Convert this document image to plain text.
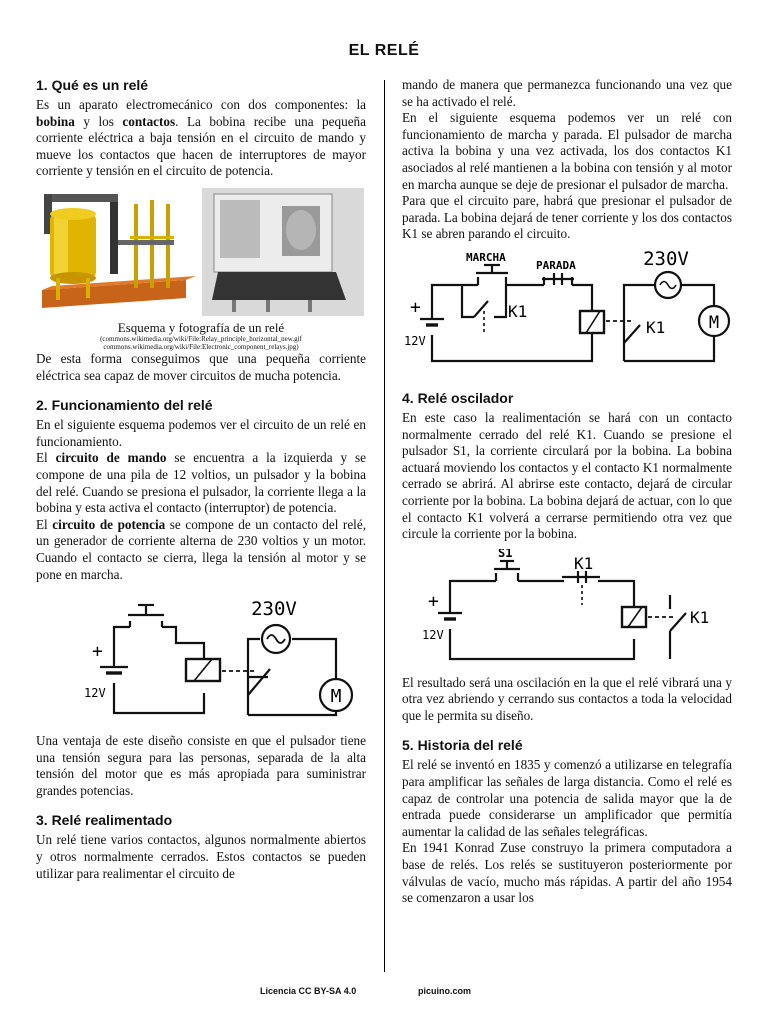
EL RELÉ
1. Qué es un relé

Es un aparato electromecánico con dos componentes: la bobina y los contactos. La bobina recibe una pequeña corriente eléctrica a baja tensión en el circuito de mando y mueve los contactos que hacen de interruptores de mayor corriente y tensión en el circuito de potencia.

Esquema y fotografía de un relé
(commons.wikimedia.org/wiki/File:Relay_principle_horizontal_new.gif
commons.wikimedia.org/wiki/File:Electronic_component_relays.jpg)

De esta forma conseguimos que una pequeña corriente eléctrica sea capaz de mover circuitos de mucha potencia.

2. Funcionamiento del relé

En el siguiente esquema podemos ver el circuito de un relé en funcionamiento.

El circuito de mando se encuentra a la izquierda y se compone de una pila de 12 voltios, un pulsador y la bobina del relé. Cuando se presiona el pulsador, la corriente llega a la bobina y esta activa el contacto (interruptor) de potencia.

El circuito de potencia se compone de un contacto del relé, un generador de corriente alterna de 230 voltios y un motor. Cuando el contacto se cierra, llega la tensión al motor y se pone en marcha.

230V
+
12V	M

Una ventaja de este diseño consiste en que el pulsador tiene una tensión segura para las personas, separada de la alta tensión del motor que es más apropiada para suministrar grandes potencias.

3. Relé realimentado

Un relé tiene varios contactos, algunos normalmente abiertos y otros normalmente cerrados. Estos contactos se pueden utilizar para realimentar el circuito de

mando de manera que permanezca funcionando una vez que se ha activado el relé.

En el siguiente esquema podemos ver un relé con funcionamiento de marcha y parada. El pulsador de marcha activa la bobina y una vez activada, los dos contactos K1 asociados al relé mantienen a la bobina con tensión y al motor en marcha aunque se deje de presionar el pulsador de marcha.

Para que el circuito pare, habrá que presionar el pulsador de parada. La bobina dejará de tener corriente y los dos contactos K1 se abren parando el circuito.

MARCHA
PARADA	230V
+
12V
K1
K1	M
4. Relé oscilador

En este caso la realimentación se hará con un contacto normalmente cerrado del relé K1. Cuando se presione el pulsador S1, la corriente circulará por la bobina. La bobina actuará moviendo los contactos y el contacto K1 normalmente cerrado se abrirá. Al abrirse este contacto, dejará de circular corriente por la bobina. La bobina dejará de actuar, con lo que el contacto K1 volverá a cerrarse permitiendo otra vez que circule la corriente por la bobina.

S1
K1
K1
+
12V

El resultado será una oscilación en la que el relé vibrará una y otra vez abriendo y cerrando sus contactos a toda la velocidad que le permita su diseño.

5. Historia del relé

El relé se inventó en 1835 y comenzó a utilizarse en telegrafía para amplificar las señales de larga distancia. Como el relé es capaz de controlar una potencia de salida mayor que la de entrada puede considerarse un amplificador que permitía aumentar la calidad de las señales telegráficas.

En 1941 Konrad Zuse construyo la primera computadora a base de relés. Los relés se sustituyeron posteriormente por válvulas de vacío, mucho más rápidas. A partir del año 1954 se comenzaron a usar los

Licencia CC BY-SA 4.0	picuino.com
